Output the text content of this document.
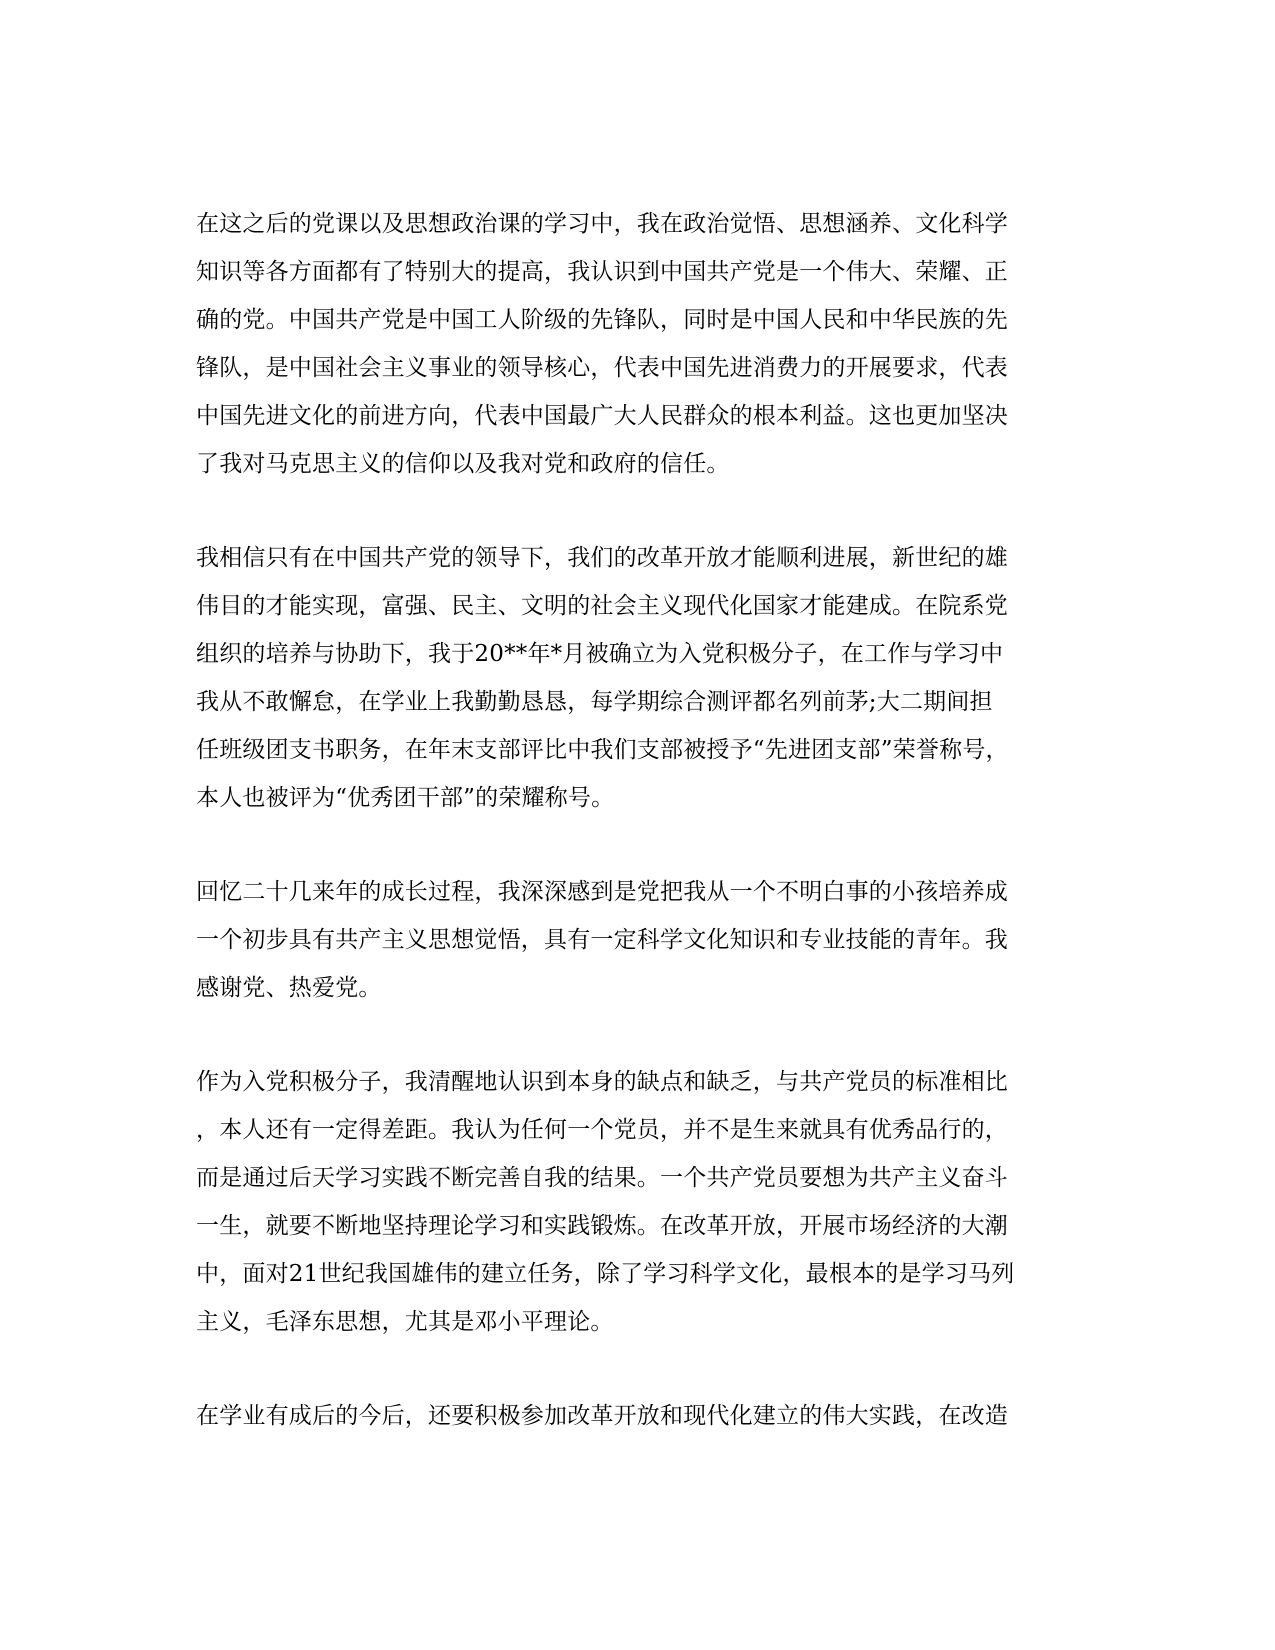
在这之后的党课以及思想政治课的学习中，我在政治觉悟、思想涵养、文化科学
知识等各方面都有了特别大的提高，我认识到中国共产党是一个伟大、荣耀、正
确的党。中国共产党是中国工人阶级的先锋队，同时是中国人民和中华民族的先
锋队，是中国社会主义事业的领导核心，代表中国先进消费力的开展要求，代表
中国先进文化的前进方向，代表中国最广大人民群众的根本利益。这也更加坚决
了我对马克思主义的信仰以及我对党和政府的信任。
我相信只有在中国共产党的领导下，我们的改革开放才能顺利进展，新世纪的雄
伟目的才能实现，富强、民主、文明的社会主义现代化国家才能建成。在院系党
组织的培养与协助下，我于20**年*月被确立为入党积极分子，在工作与学习中
我从不敢懈怠，在学业上我勤勤恳恳，每学期综合测评都名列前茅;大二期间担
任班级团支书职务，在年末支部评比中我们支部被授予“先进团支部”荣誉称号，
本人也被评为“优秀团干部”的荣耀称号。
回忆二十几来年的成长过程，我深深感到是党把我从一个不明白事的小孩培养成
一个初步具有共产主义思想觉悟，具有一定科学文化知识和专业技能的青年。我
感谢党、热爱党。
作为入党积极分子，我清醒地认识到本身的缺点和缺乏，与共产党员的标准相比
，本人还有一定得差距。我认为任何一个党员，并不是生来就具有优秀品行的，
而是通过后天学习实践不断完善自我的结果。一个共产党员要想为共产主义奋斗
一生，就要不断地坚持理论学习和实践锻炼。在改革开放，开展市场经济的大潮
中，面对21世纪我国雄伟的建立任务，除了学习科学文化，最根本的是学习马列
主义，毛泽东思想，尤其是邓小平理论。
在学业有成后的今后，还要积极参加改革开放和现代化建立的伟大实践，在改造
